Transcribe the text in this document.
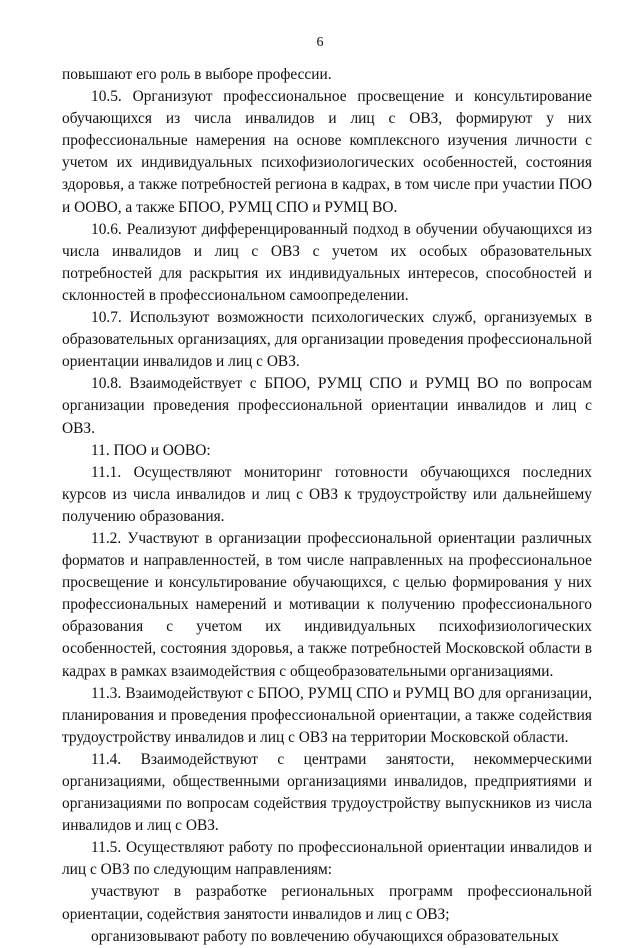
6

повышают его роль в выборе профессии.

10.5. Организуют профессиональное просвещение и консультирование обучающихся из числа инвалидов и лиц с ОВЗ, формируют у них профессиональные намерения на основе комплексного изучения личности с учетом их индивидуальных психофизиологических особенностей, состояния здоровья, а также потребностей региона в кадрах, в том числе при участии ПОО и ООВО, а также БПОО, РУМЦ СПО и РУМЦ ВО.

10.6. Реализуют дифференцированный подход в обучении обучающихся из числа инвалидов и лиц с ОВЗ с учетом их особых образовательных потребностей для раскрытия их индивидуальных интересов, способностей и склонностей в профессиональном самоопределении.

10.7. Используют возможности психологических служб, организуемых в образовательных организациях, для организации проведения профессиональной ориентации инвалидов и лиц с ОВЗ.

10.8. Взаимодействует с БПОО, РУМЦ СПО и РУМЦ ВО по вопросам организации проведения профессиональной ориентации инвалидов и лиц с ОВЗ.

11. ПОО и ООВО:

11.1. Осуществляют мониторинг готовности обучающихся последних курсов из числа инвалидов и лиц с ОВЗ к трудоустройству или дальнейшему получению образования.

11.2. Участвуют в организации профессиональной ориентации различных форматов и направленностей, в том числе направленных на профессиональное просвещение и консультирование обучающихся, с целью формирования у них профессиональных намерений и мотивации к получению профессионального образования с учетом их индивидуальных психофизиологических особенностей, состояния здоровья, а также потребностей Московской области в кадрах в рамках взаимодействия с общеобразовательными организациями.

11.3. Взаимодействуют с БПОО, РУМЦ СПО и РУМЦ ВО для организации, планирования и проведения профессиональной ориентации, а также содействия трудоустройству инвалидов и лиц с ОВЗ на территории Московской области.

11.4. Взаимодействуют с центрами занятости, некоммерческими организациями, общественными организациями инвалидов, предприятиями и организациями по вопросам содействия трудоустройству выпускников из числа инвалидов и лиц с ОВЗ.

11.5. Осуществляют работу по профессиональной ориентации инвалидов и лиц с ОВЗ по следующим направлениям:

участвуют в разработке региональных программ профессиональной ориентации, содействия занятости инвалидов и лиц с ОВЗ;

организовывают работу по вовлечению обучающихся образовательных
